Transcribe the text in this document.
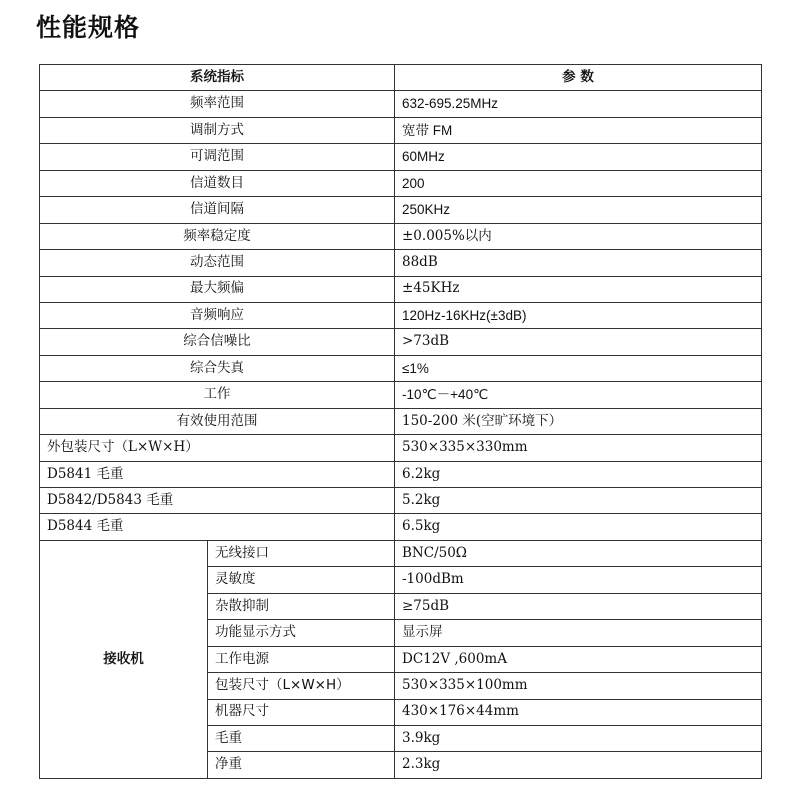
性能规格
系统指标		参 数
频率范围		632-695.25MHz
调制方式		宽带 FM
可调范围		60MHz
信道数目		200
信道间隔		250KHz
频率稳定度		±0.005%以内
动态范围		88dB
最大频偏		±45KHz
音频响应		120Hz-16KHz(±3dB)
综合信噪比		>73dB
综合失真		≤1%
工作		-10℃－+40℃
有效使用范围		150-200 米(空旷环境下）
外包装尺寸（L×W×H）		530×335×330mm
D5841 毛重		6.2kg
D5842/D5843 毛重		5.2kg
D5844 毛重		6.5kg
接收机	无线接口	BNC/50Ω
	灵敏度	-100dBm
	杂散抑制	≥75dB
	功能显示方式	显示屏
	工作电源	DC12V ,600mA
	包装尺寸（L×W×H）	530×335×100mm
	机器尺寸	430×176×44mm
	毛重	3.9kg
	净重	2.3kg
